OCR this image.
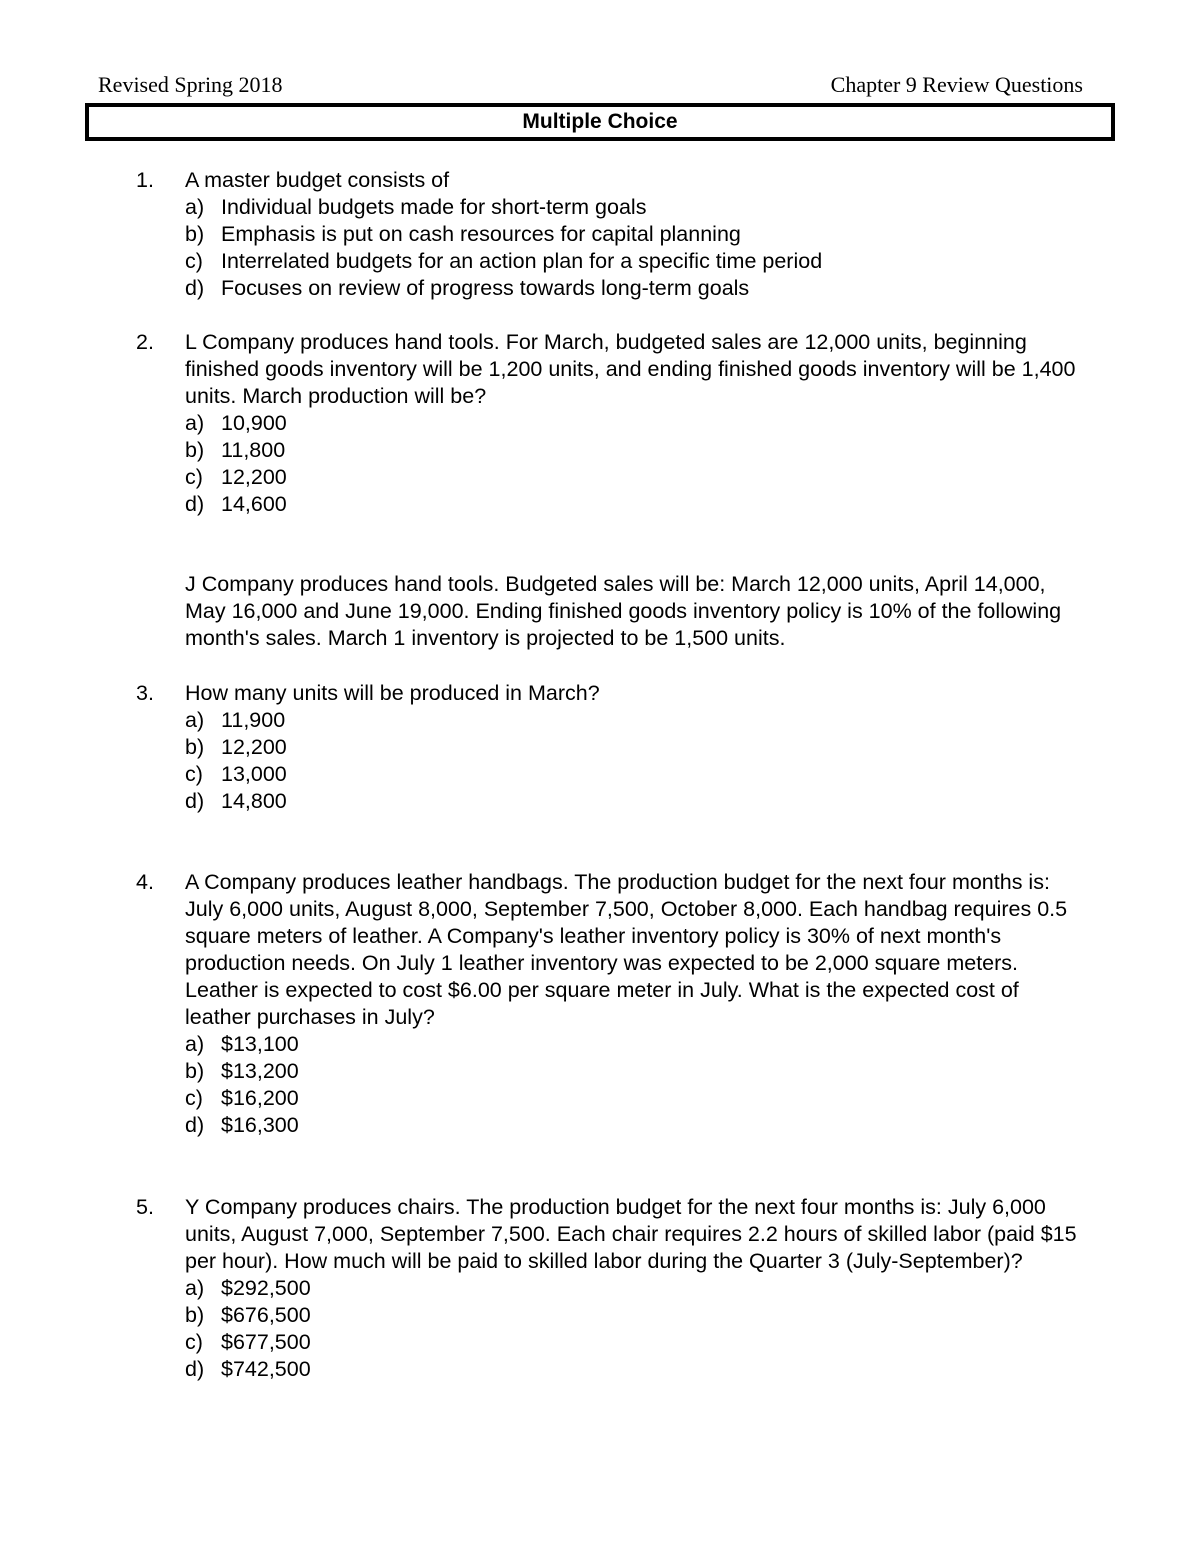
Revised Spring 2018	Chapter 9 Review Questions
Multiple Choice
1. A master budget consists of
a) Individual budgets made for short-term goals
b) Emphasis is put on cash resources for capital planning
c) Interrelated budgets for an action plan for a specific time period
d) Focuses on review of progress towards long-term goals
2. L Company produces hand tools. For March, budgeted sales are 12,000 units, beginning finished goods inventory will be 1,200 units, and ending finished goods inventory will be 1,400 units. March production will be?
a) 10,900
b) 11,800
c) 12,200
d) 14,600
J Company produces hand tools. Budgeted sales will be: March 12,000 units, April 14,000, May 16,000 and June 19,000. Ending finished goods inventory policy is 10% of the following month's sales. March 1 inventory is projected to be 1,500 units.
3. How many units will be produced in March?
a) 11,900
b) 12,200
c) 13,000
d) 14,800
4. A Company produces leather handbags. The production budget for the next four months is: July 6,000 units, August 8,000, September 7,500, October 8,000. Each handbag requires 0.5 square meters of leather. A Company's leather inventory policy is 30% of next month's production needs. On July 1 leather inventory was expected to be 2,000 square meters. Leather is expected to cost $6.00 per square meter in July. What is the expected cost of leather purchases in July?
a) $13,100
b) $13,200
c) $16,200
d) $16,300
5. Y Company produces chairs. The production budget for the next four months is: July 6,000 units, August 7,000, September 7,500. Each chair requires 2.2 hours of skilled labor (paid $15 per hour). How much will be paid to skilled labor during the Quarter 3 (July-September)?
a) $292,500
b) $676,500
c) $677,500
d) $742,500
